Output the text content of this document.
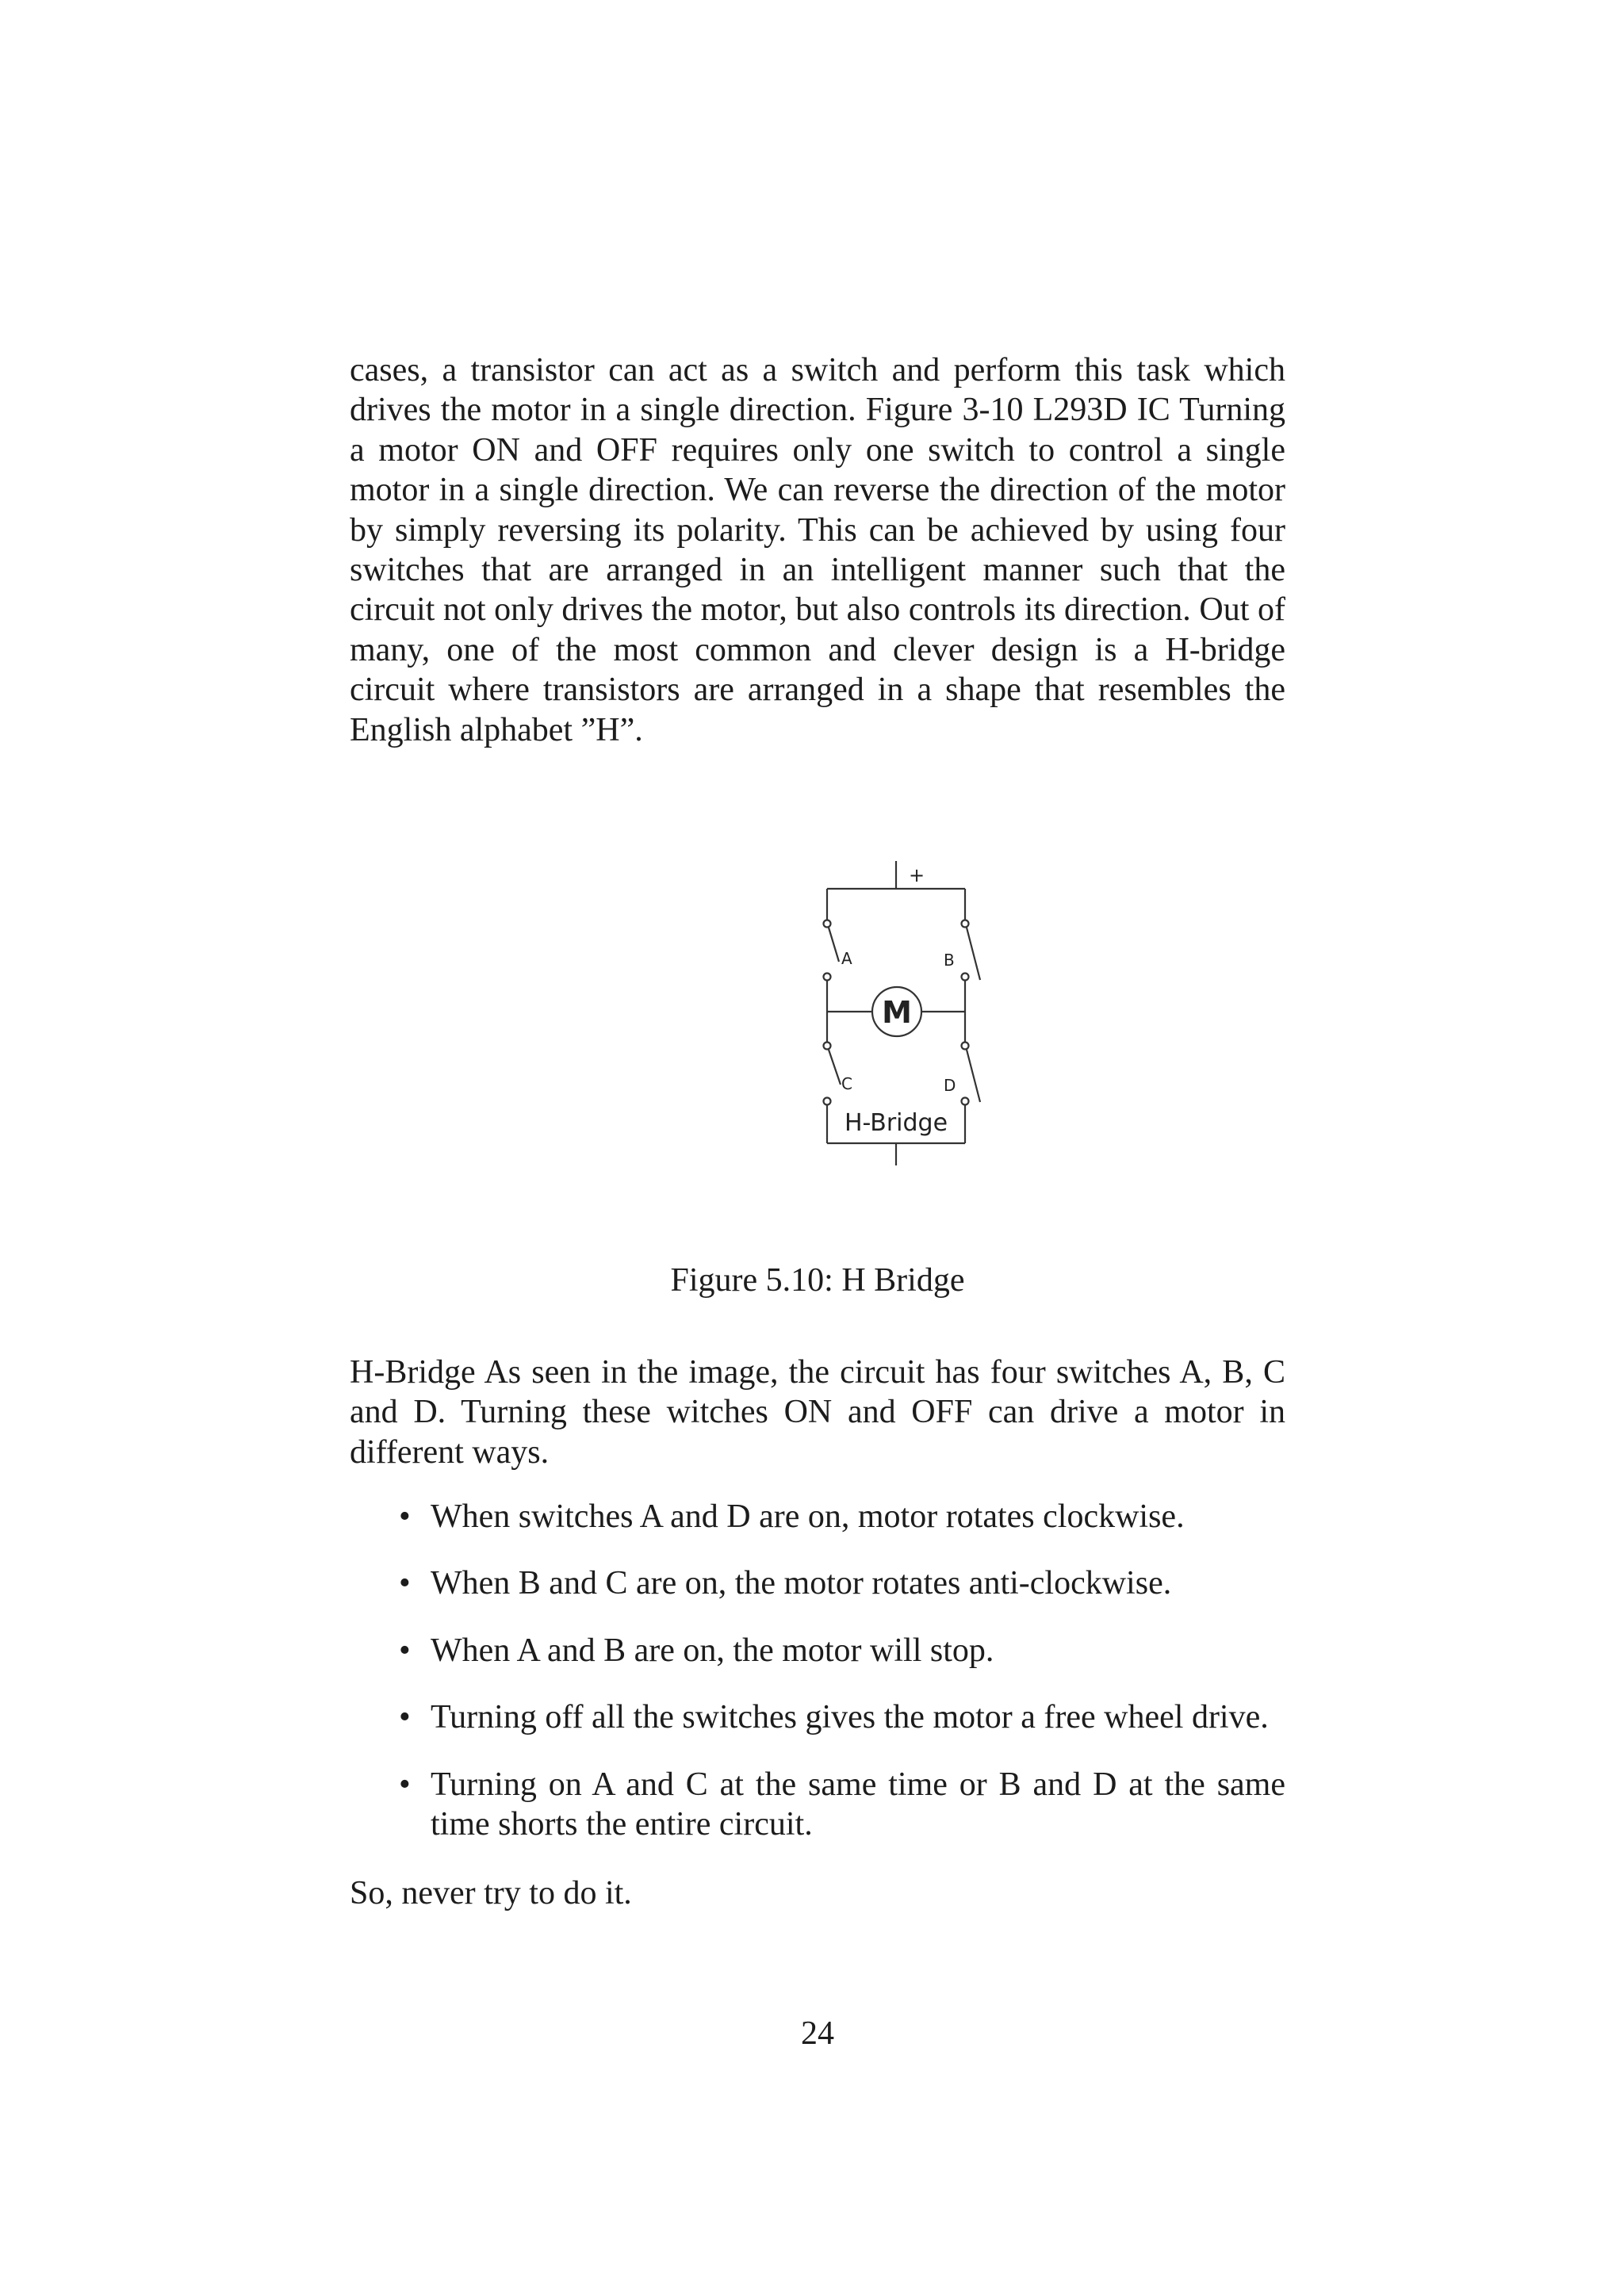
cases, a transistor can act as a switch and perform this task which drives the motor in a single direction. Figure 3-10 L293D IC Turning a motor ON and OFF requires only one switch to control a single motor in a single direction. We can reverse the direction of the motor by simply reversing its polarity. This can be achieved by using four switches that are arranged in an intelligent manner such that the circuit not only drives the motor, but also controls its direction. Out of many, one of the most common and clever design is a H-bridge circuit where transistors are arranged in a shape that resembles the English alphabet ”H”.

+
A	B
M
C	D
H-Bridge
Figure 5.10: H Bridge

H-Bridge As seen in the image, the circuit has four switches A, B, C and D. Turning these witches ON and OFF can drive a motor in different ways.

• When switches A and D are on, motor rotates clockwise.
• When B and C are on, the motor rotates anti-clockwise.
• When A and B are on, the motor will stop.
• Turning off all the switches gives the motor a free wheel drive.
• Turning on A and C at the same time or B and D at the same time shorts the entire circuit.

So, never try to do it.

24
